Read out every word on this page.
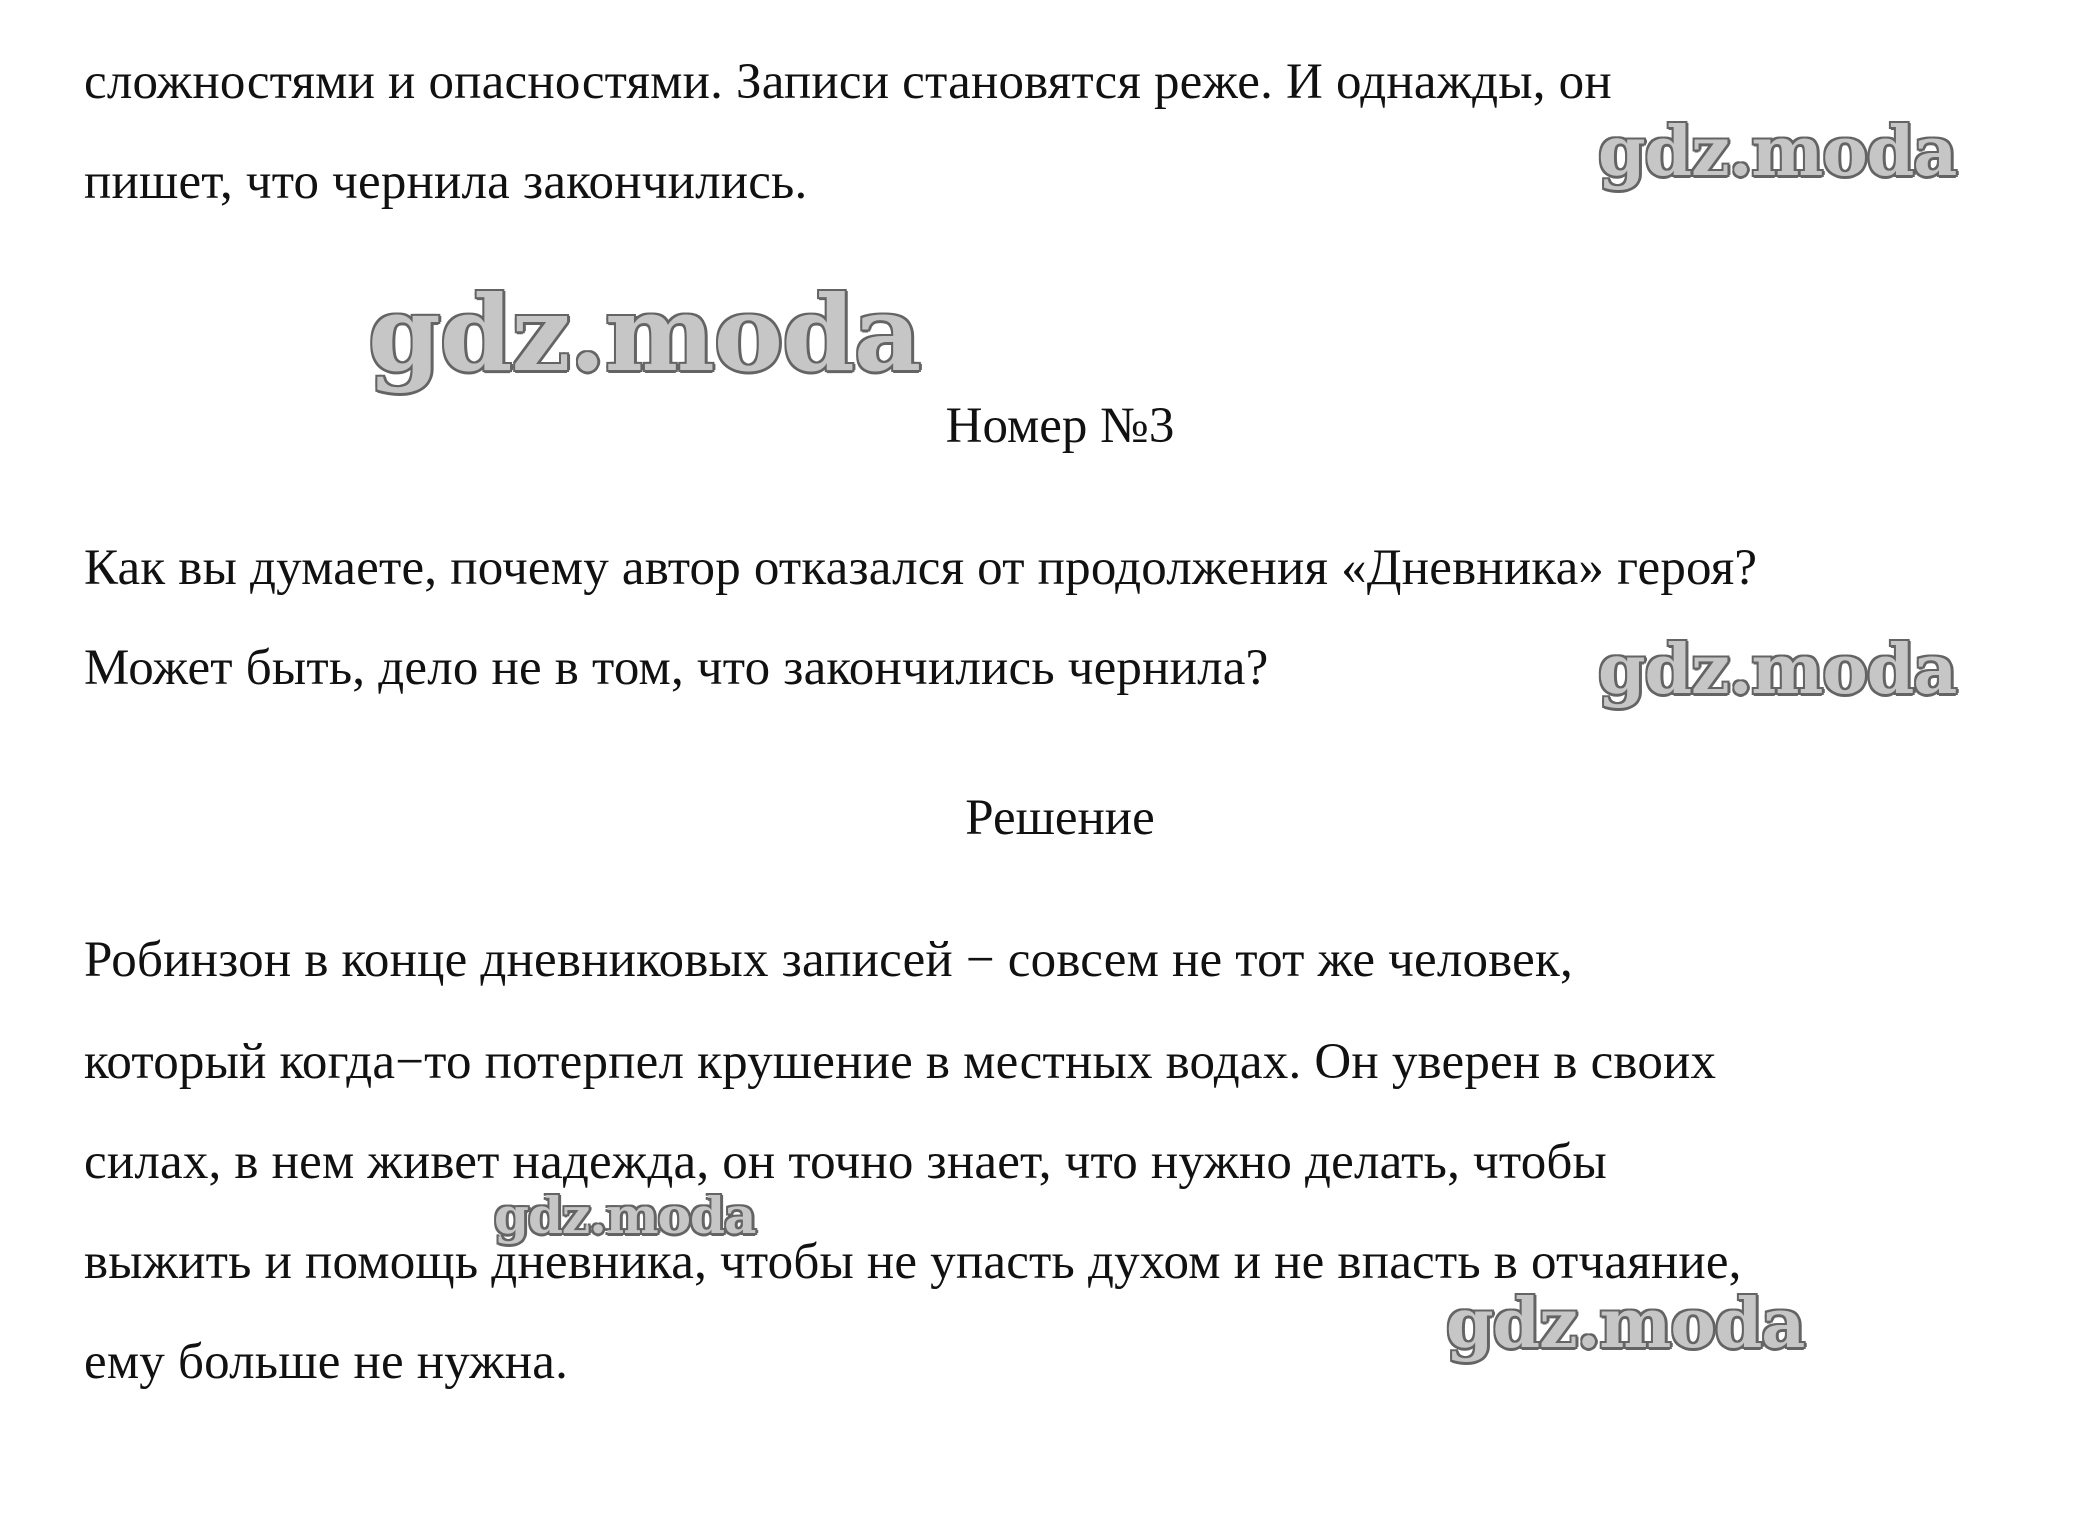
сложностями и опасностями. Записи становятся реже. И однажды, он
пишет, что чернила закончились.
Номер №3
Как вы думаете, почему автор отказался от продолжения «Дневника» героя?
Может быть, дело не в том, что закончились чернила?
Решение
Робинзон в конце дневниковых записей − совсем не тот же человек,
который когда−то потерпел крушение в местных водах. Он уверен в своих
силах, в нем живет надежда, он точно знает, что нужно делать, чтобы
выжить и помощь дневника, чтобы не упасть духом и не впасть в отчаяние,
ему больше не нужна.
gdz.moda
gdz.moda
gdz.moda
gdz.moda
gdz.moda
